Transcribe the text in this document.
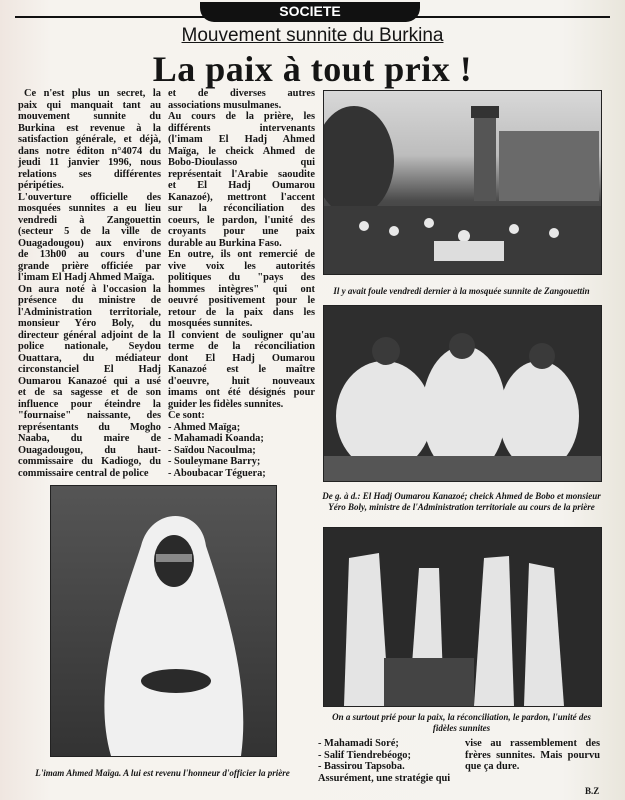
SOCIETE
Mouvement sunnite du Burkina
La paix à tout prix !
Ce n'est plus un secret, la
paix qui manquait tant au
mouvement sunnite du
Burkina est revenue à la
satisfaction générale, et déjà,
dans notre éditon n°4074 du
jeudi 11 janvier 1996, nous
relations ses différentes
péripéties.
L'ouverture officielle des
mosquées sunnites a eu lieu
vendredi à Zangouettin
(secteur 5 de la ville de
Ouagadougou) aux environs
de 13h00 au cours d'une
grande prière officiée par
l'imam El Hadj Ahmed Maïga.
On aura noté à l'occasion la
présence du ministre de
l'Administration territoriale,
monsieur Yéro Boly, du
directeur général adjoint de la
police nationale, Seydou
Ouattara, du médiateur
circonstanciel El Hadj
Oumarou Kanazoé qui a usé
et de sa sagesse et de son
influence pour éteindre la
"fournaise" naissante, des
représentants du Mogho
Naaba, du maire de
Ouagadougou, du haut-
commissaire du Kadiogo, du
commissaire central de police
et de diverses autres
associations musulmanes.
Au cours de la prière, les
différents intervenants
(l'imam El Hadj Ahmed
Maïga, le cheick Ahmed de
Bobo-Dioulasso qui
représentait l'Arabie saoudite
et El Hadj Oumarou
Kanazoé), mettront l'accent
sur la réconciliation des
coeurs, le pardon, l'unité des
croyants pour une paix
durable au Burkina Faso.
En outre, ils ont remercié de
vive voix les autorités
politiques du "pays des
hommes intègres" qui ont
oeuvré positivement pour le
retour de la paix dans les
mosquées sunnites.
Il convient de souligner qu'au
terme de la réconciliation
dont El Hadj Oumarou
Kanazoé est le maître
d'oeuvre, huit nouveaux
imams ont été désignés pour
guider les fidèles sunnites.
Ce sont:
- Ahmed Maïga;
- Mahamadi Koanda;
- Saïdou Nacoulma;
- Souleymane Barry;
- Aboubacar Téguera;
- Mahamadi Soré;
- Salif Tiendrebéogo;
- Bassirou Tapsoba.
Assurément, une stratégie qui
vise au rassemblement des
frères sunnites. Mais pourvu
que ça dure.
Il y avait foule vendredi dernier à la mosquée sunnite de Zangouettin
De g. à d.: El Hadj Oumarou Kanazoé; cheick Ahmed de Bobo et monsieur Yéro Boly, ministre de l'Administration territoriale au cours de la prière
L'imam Ahmed Maïga. A lui est revenu l'honneur d'officier la prière
On a surtout prié pour la paix, la réconciliation, le pardon, l'unité des fidèles sunnites
B.Z
